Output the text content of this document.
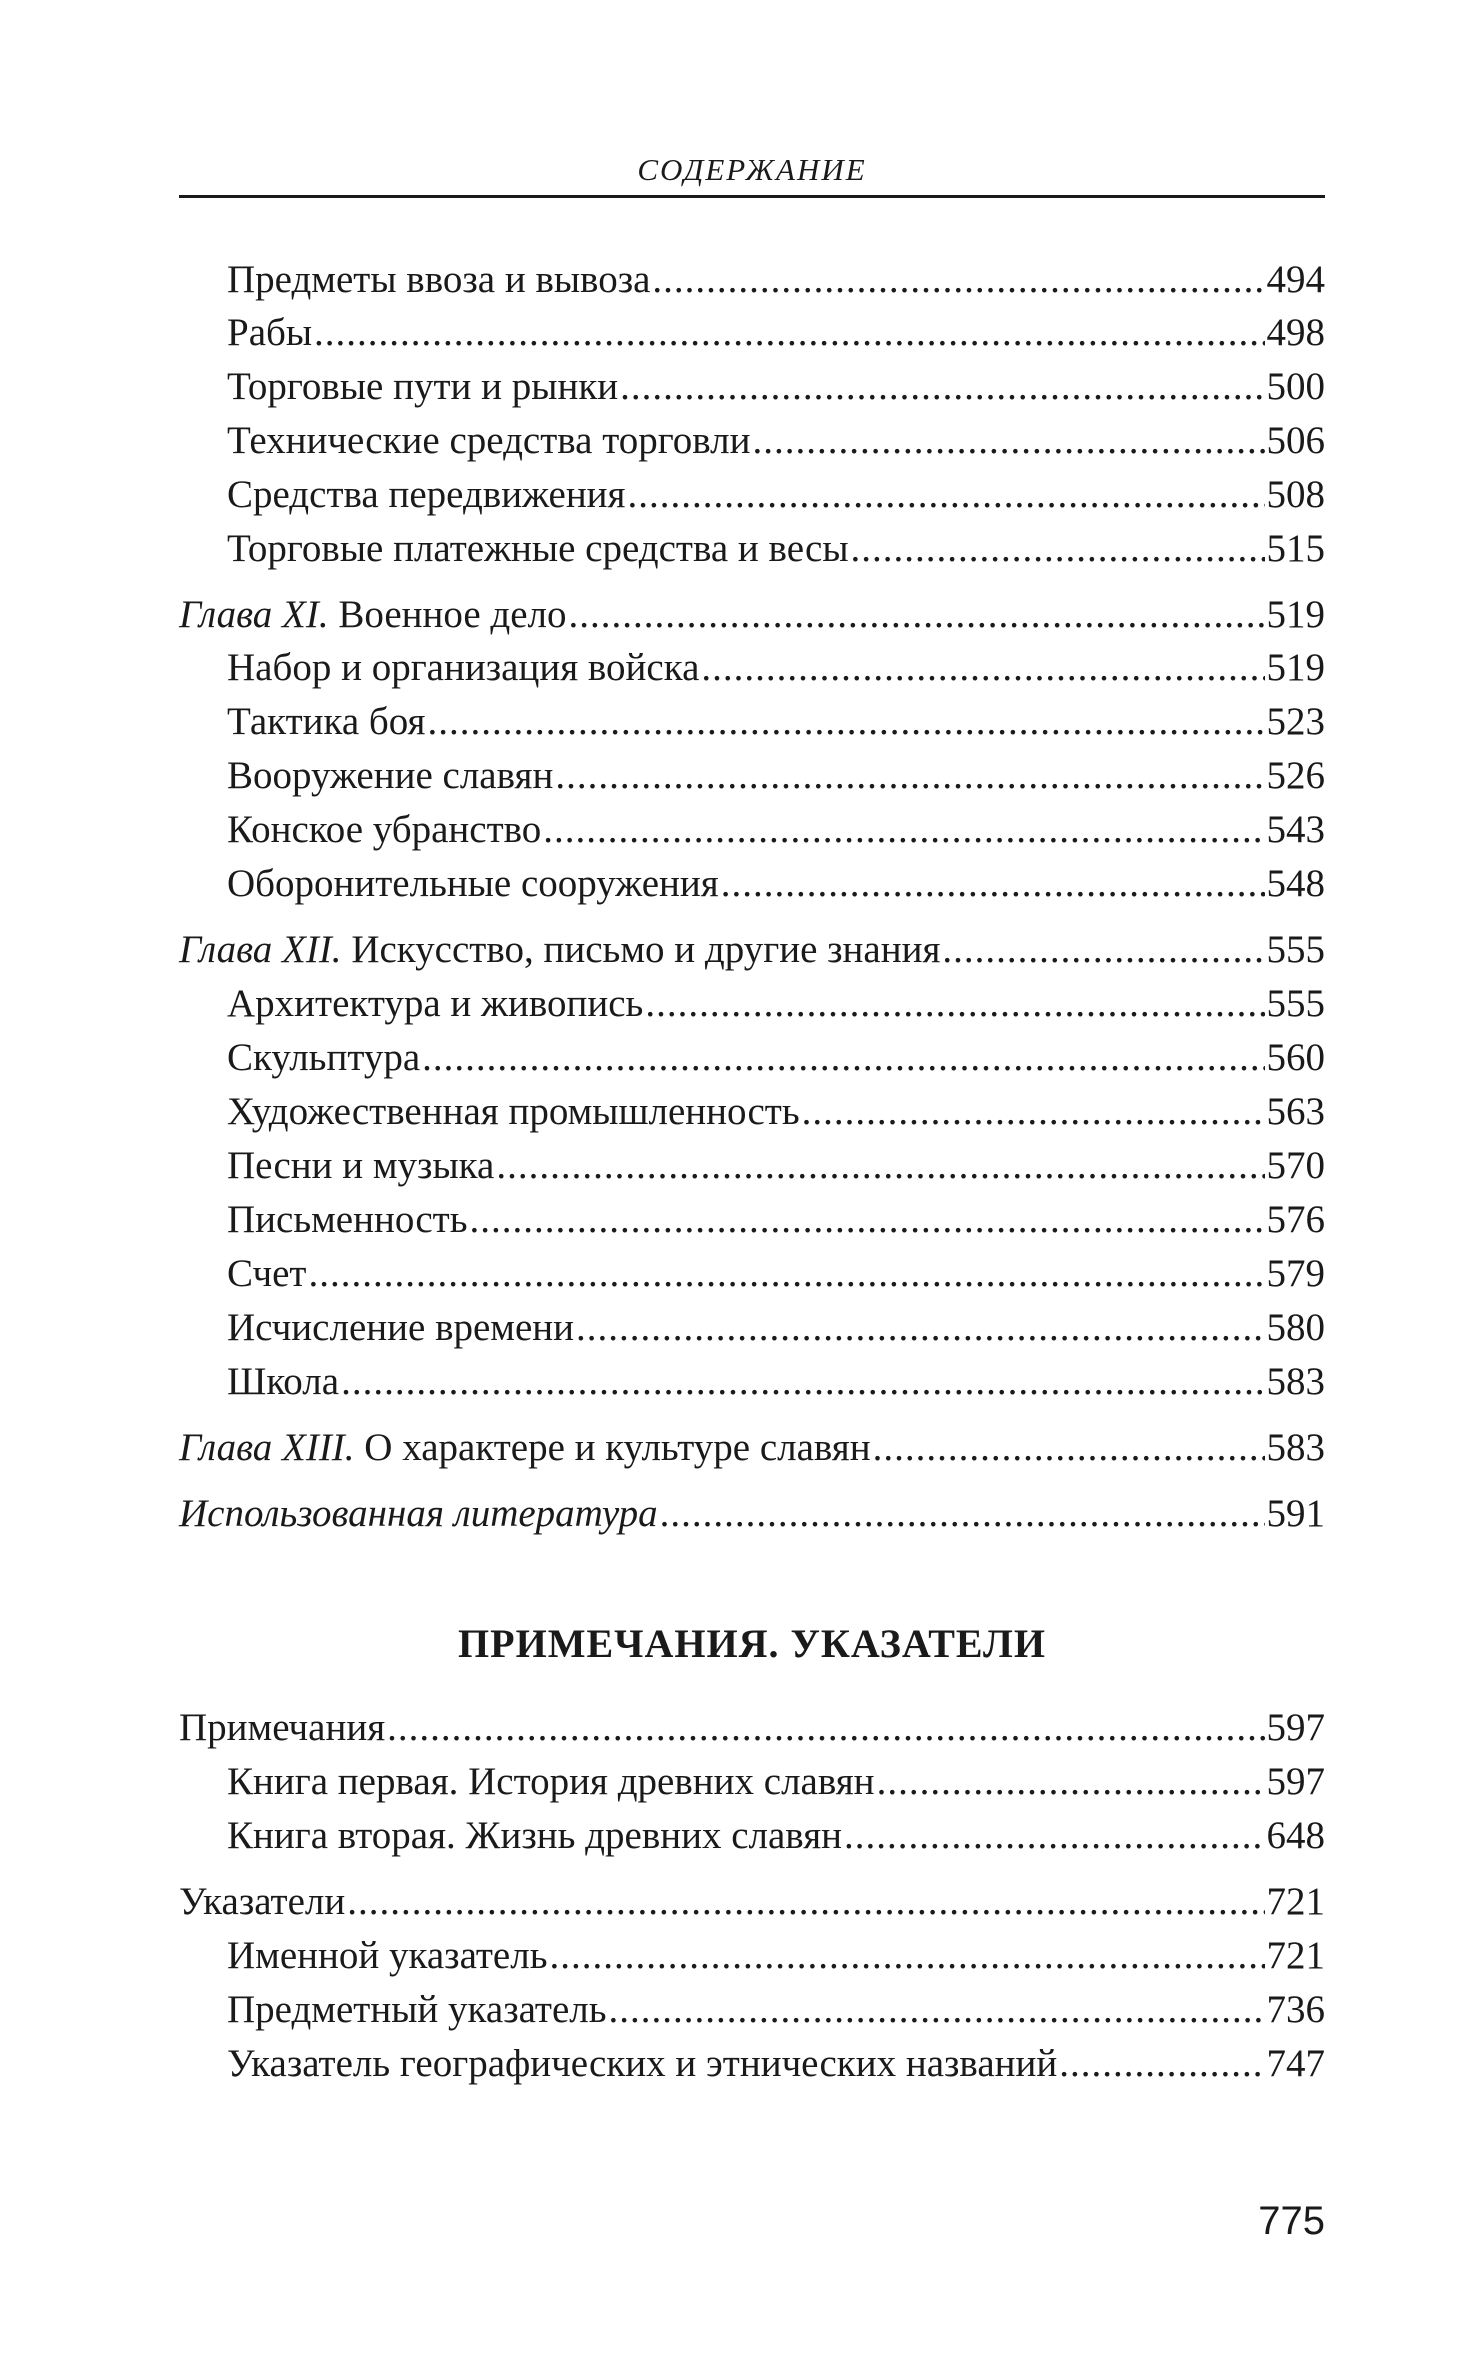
СОДЕРЖАНИЕ
Предметы ввоза и вывоза .....	494
Рабы .....	498
Торговые пути и рынки .....	500
Технические средства торговли .....	506
Средства передвижения .....	508
Торговые платежные средства и весы .....	515
Глава XI. Военное дело .....	519
Набор и организация войска .....	519
Тактика боя .....	523
Вооружение славян .....	526
Конское убранство .....	543
Оборонительные сооружения .....	548
Глава XII. Искусство, письмо и другие знания .....	555
Архитектура и живопись .....	555
Скульптура .....	560
Художественная промышленность .....	563
Песни и музыка .....	570
Письменность .....	576
Счет .....	579
Исчисление времени .....	580
Школа .....	583
Глава XIII. О характере и культуре славян .....	583
Использованная литература .....	591
Примечания .....	597
Книга первая. История древних славян .....	597
Книга вторая. Жизнь древних славян .....	648
Указатели .....	721
Именной указатель .....	721
Предметный указатель .....	736
Указатель географических и этнических названий .....	747
ПРИМЕЧАНИЯ. УКАЗАТЕЛИ
775
